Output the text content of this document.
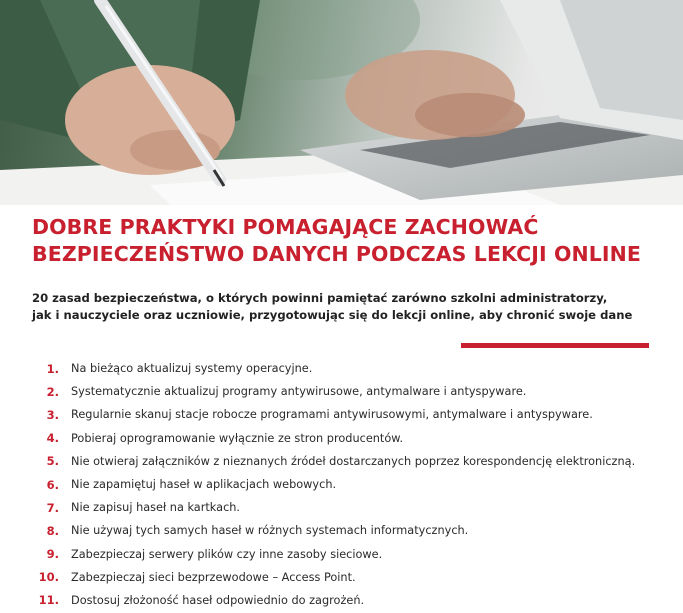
DOBRE PRAKTYKI POMAGAJĄCE ZACHOWAĆ
BEZPIECZEŃSTWO DANYCH PODCZAS LEKCJI ONLINE

20 zasad bezpieczeństwa, o których powinni pamiętać zarówno szkolni administratorzy,
jak i nauczyciele oraz uczniowie, przygotowując się do lekcji online, aby chronić swoje dane

1. Na bieżąco aktualizuj systemy operacyjne.
2. Systematycznie aktualizuj programy antywirusowe, antymalware i antyspyware.
3. Regularnie skanuj stacje robocze programami antywirusowymi, antymalware i antyspyware.
4. Pobieraj oprogramowanie wyłącznie ze stron producentów.
5. Nie otwieraj załączników z nieznanych źródeł dostarczanych poprzez korespondencję elektroniczną.
6. Nie zapamiętuj haseł w aplikacjach webowych.
7. Nie zapisuj haseł na kartkach.
8. Nie używaj tych samych haseł w różnych systemach informatycznych.
9. Zabezpieczaj serwery plików czy inne zasoby sieciowe.
10. Zabezpieczaj sieci bezprzewodowe – Access Point.
11. Dostosuj złożoność haseł odpowiednio do zagrożeń.
